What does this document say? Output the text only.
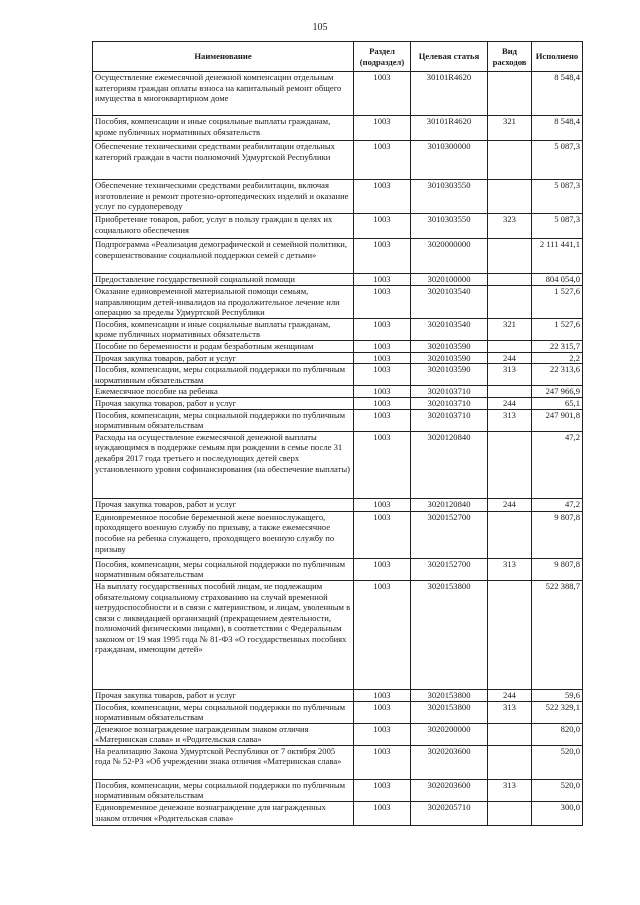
105
Наименование	Раздел (подраздел)	Целевая статья	Вид расходов	Исполнено
Осуществление ежемесячной денежной компенсации отдельным категориям граждан оплаты взноса на капитальный ремонт общего имущества в многоквартирном доме	1003	30101R4620		8 548,4
Пособия, компенсации и иные социальные выплаты гражданам, кроме публичных нормативных обязательств	1003	30101R4620	321	8 548,4
Обеспечение техническими средствами реабилитации отдельных категорий граждан в части полномочий Удмуртской Республики	1003	3010300000		5 087,3
Обеспечение техническими средствами реабилитации, включая изготовление и ремонт протезно-ортопедических изделий и оказание услуг по сурдопереводу	1003	3010303550		5 087,3
Приобретение товаров, работ, услуг в пользу граждан в целях их социального обеспечения	1003	3010303550	323	5 087,3
Подпрограмма «Реализация демографической и семейной политики, совершенствование социальной поддержки семей с детьми»	1003	3020000000		2 111 441,1
Предоставление государственной социальной помощи	1003	3020100000		804 054,0
Оказание единовременной материальной помощи семьям, направляющим детей-инвалидов на продолжительное лечение или операцию за пределы Удмуртской Республики	1003	3020103540		1 527,6
Пособия, компенсации и иные социальные выплаты гражданам, кроме публичных нормативных обязательств	1003	3020103540	321	1 527,6
Пособие по беременности и родам безработным женщинам	1003	3020103590		22 315,7
Прочая закупка товаров, работ и услуг	1003	3020103590	244	2,2
Пособия, компенсации, меры социальной поддержки по публичным нормативным обязательствам	1003	3020103590	313	22 313,6
Ежемесячное пособие на ребенка	1003	3020103710		247 966,9
Прочая закупка товаров, работ и услуг	1003	3020103710	244	65,1
Пособия, компенсации, меры социальной поддержки по публичным нормативным обязательствам	1003	3020103710	313	247 901,8
Расходы на осуществление ежемесячной денежной выплаты нуждающимся в поддержке семьям при рождении в семье после 31 декабря 2017 года третьего и последующих детей сверх установленного уровня софинансирования (на обеспечение выплаты)	1003	3020120840		47,2
Прочая закупка товаров, работ и услуг	1003	3020120840	244	47,2
Единовременное пособие беременной жене военнослужащего, проходящего военную службу по призыву, а также ежемесячное пособие на ребенка служащего, проходящего военную службу по призыву	1003	3020152700		9 807,8
Пособия, компенсации, меры социальной поддержки по публичным нормативным обязательствам	1003	3020152700	313	9 807,8
На выплату государственных пособий лицам, не подлежащим обязательному социальному страхованию на случай временной нетрудоспособности и в связи с материнством, и лицам, уволенным в связи с ликвидацией организаций (прекращением деятельности, полномочий физическими лицами), в соответствии с Федеральным законом от 19 мая 1995 года № 81-ФЗ «О государственных пособиях гражданам, имеющим детей»	1003	3020153800		522 388,7
Прочая закупка товаров, работ и услуг	1003	3020153800	244	59,6
Пособия, компенсации, меры социальной поддержки по публичным нормативным обязательствам	1003	3020153800	313	522 329,1
Денежное вознаграждение награжденным знаком отличия «Материнская слава» и «Родительская слава»	1003	3020200000		820,0
На реализацию Закона Удмуртской Республики от 7 октября 2005 года № 52-РЗ «Об учреждении знака отличия «Материнская слава»	1003	3020203600		520,0
Пособия, компенсации, меры социальной поддержки по публичным нормативным обязательствам	1003	3020203600	313	520,0
Единовременное денежное вознаграждение для награжденных знаком отличия «Родительская слава»	1003	3020205710		300,0
